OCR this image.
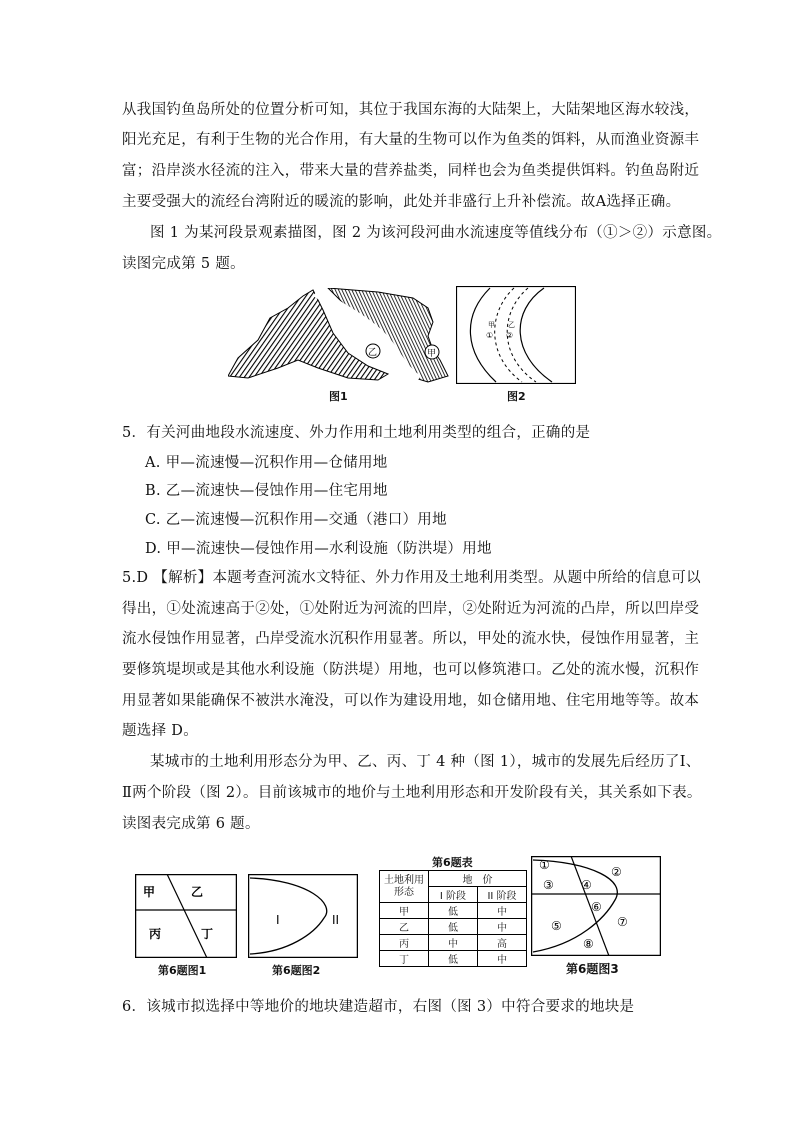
从我国钓鱼岛所处的位置分析可知，其位于我国东海的大陆架上，大陆架地区海水较浅，
阳光充足，有利于生物的光合作用，有大量的生物可以作为鱼类的饵料，从而渔业资源丰
富；沿岸淡水径流的注入，带来大量的营养盐类，同样也会为鱼类提供饵料。钓鱼岛附近
主要受强大的流经台湾附近的暖流的影响，此处并非盛行上升补偿流。故A选择正确。
图 1 为某河段景观素描图，图 2 为该河段河曲水流速度等值线分布（①＞②）示意图。
读图完成第 5 题。
乙	甲
图1
甲 乙
① ②
图2
5．有关河曲地段水流速度、外力作用和土地利用类型的组合，正确的是
A. 甲—流速慢—沉积作用—仓储用地
B. 乙—流速快—侵蚀作用—住宅用地
C. 乙—流速慢—沉积作用—交通（港口）用地
D. 甲—流速快—侵蚀作用—水利设施（防洪堤）用地
5.D 【解析】本题考查河流水文特征、外力作用及土地利用类型。从题中所给的信息可以
得出，①处流速高于②处，①处附近为河流的凹岸，②处附近为河流的凸岸，所以凹岸受
流水侵蚀作用显著，凸岸受流水沉积作用显著。所以，甲处的流水快，侵蚀作用显著，主
要修筑堤坝或是其他水利设施（防洪堤）用地，也可以修筑港口。乙处的流水慢，沉积作
用显著如果能确保不被洪水淹没，可以作为建设用地，如仓储用地、住宅用地等等。故本
题选择 D。
某城市的土地利用形态分为甲、乙、丙、丁 4 种（图 1），城市的发展先后经历了Ⅰ、
Ⅱ两个阶段（图 2）。目前该城市的地价与土地利用形态和开发阶段有关，其关系如下表。
读图表完成第 6 题。
甲	乙
丙	丁
第6题图1
I	II
第6题图2
第6题表
土地利用形态	地　价	
	I 阶段	II 阶段
甲	低	中
乙	低	中
丙	中	高
丁	低	中
①	②
③ ④
⑤
⑥
⑦
⑧
第6题图3
6．该城市拟选择中等地价的地块建造超市，右图（图 3）中符合要求的地块是
